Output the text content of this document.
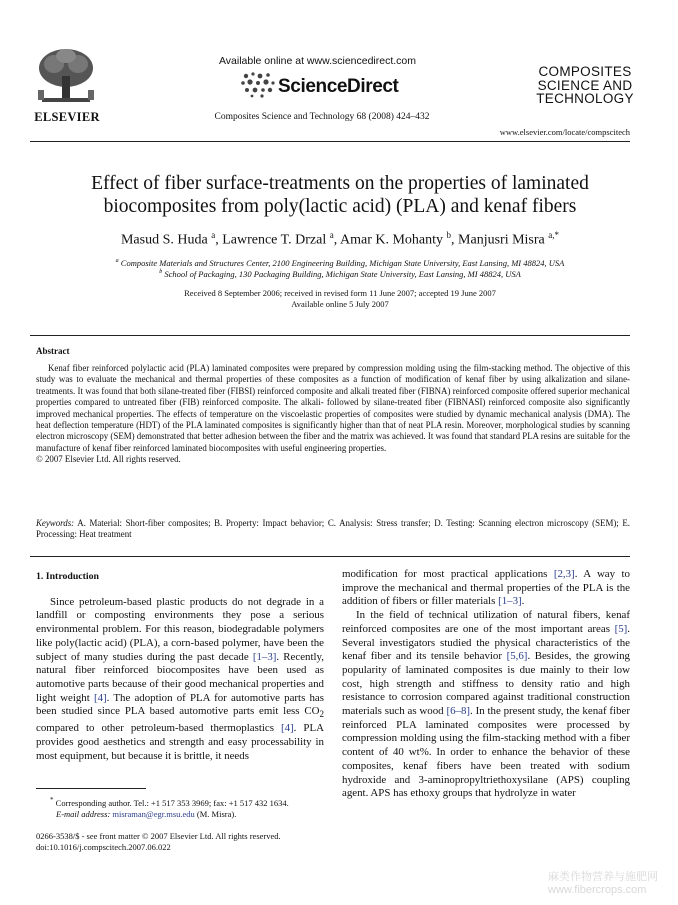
ELSEVIER
Available online at www.sciencedirect.com
ScienceDirect
Composites Science and Technology 68 (2008) 424–432
COMPOSITES
SCIENCE AND
TECHNOLOGY
www.elsevier.com/locate/compscitech
Effect of fiber surface-treatments on the properties of laminated
biocomposites from poly(lactic acid) (PLA) and kenaf fibers
Masud S. Huda $^a$, Lawrence T. Drzal $^a$, Amar K. Mohanty $^b$, Manjusri Misra $^{a,*}$
$^a$ Composite Materials and Structures Center, 2100 Engineering Building, Michigan State University, East Lansing, MI 48824, USA
$^b$ School of Packaging, 130 Packaging Building, Michigan State University, East Lansing, MI 48824, USA
Received 8 September 2006; received in revised form 11 June 2007; accepted 19 June 2007
Available online 5 July 2007
Abstract
Kenaf fiber reinforced polylactic acid (PLA) laminated composites were prepared by compression molding using the film-stacking method. The objective of this study was to evaluate the mechanical and thermal properties of these composites as a function of modification of kenaf fiber by using alkalization and silane-treatments. It was found that both silane-treated fiber (FIBSI) reinforced composite and alkali treated fiber (FIBNA) reinforced composite offered superior mechanical properties compared to untreated fiber (FIB) reinforced composite. The alkali- followed by silane-treated fiber (FIBNASI) reinforced composite also significantly improved mechanical properties. The effects of temperature on the viscoelastic properties of composites were studied by dynamic mechanical analysis (DMA). The heat deflection temperature (HDT) of the PLA laminated composites is significantly higher than that of neat PLA resin. Moreover, morphological studies by scanning electron microscopy (SEM) demonstrated that better adhesion between the fiber and the matrix was achieved. It was found that standard PLA resins are suitable for the manufacture of kenaf fiber reinforced laminated biocomposites with useful engineering properties.
© 2007 Elsevier Ltd. All rights reserved.
Keywords: A. Material: Short-fiber composites; B. Property: Impact behavior; C. Analysis: Stress transfer; D. Testing: Scanning electron microscopy (SEM); E. Processing: Heat treatment
1. Introduction

Since petroleum-based plastic products do not degrade in a landfill or composting environments they pose a serious environmental problem. For this reason, biodegradable polymers like poly(lactic acid) (PLA), a corn-based polymer, have been the subject of many studies during the past decade [1–3]. Recently, natural fiber reinforced biocomposites have been used as automotive parts because of their good mechanical properties and light weight [4]. The adoption of PLA for automotive parts has been studied since PLA based automotive parts emit less $CO_2$ compared to other petroleum-based thermoplastics [4]. PLA provides good aesthetics and strength and easy processability in most equipment, but because it is brittle, it needs

modification for most practical applications [2,3]. A way to improve the mechanical and thermal properties of the PLA is the addition of fibers or filler materials [1–3].

In the field of technical utilization of natural fibers, kenaf reinforced composites are one of the most important areas [5]. Several investigators studied the physical characteristics of the kenaf fiber and its tensile behavior [5,6]. Besides, the growing popularity of laminated composites is due mainly to their low cost, high strength and stiffness to density ratio and high resistance to corrosion compared against traditional construction materials such as wood [6–8]. In the present study, the kenaf fiber reinforced PLA laminated composites were processed by compression molding using the film-stacking method with a fiber content of 40 wt%. In order to enhance the behavior of these composites, kenaf fibers have been treated with sodium hydroxide and 3-aminopropyltriethoxysilane (APS) coupling agent. APS has ethoxy groups that hydrolyze in water

* Corresponding author. Tel.: +1 517 353 3969; fax: +1 517 432 1634.
E-mail address: misraman@egr.msu.edu (M. Misra).
0266-3538/$ - see front matter © 2007 Elsevier Ltd. All rights reserved.
doi:10.1016/j.compscitech.2007.06.022
麻类作物营养与施肥网
www.fibercrops.com
